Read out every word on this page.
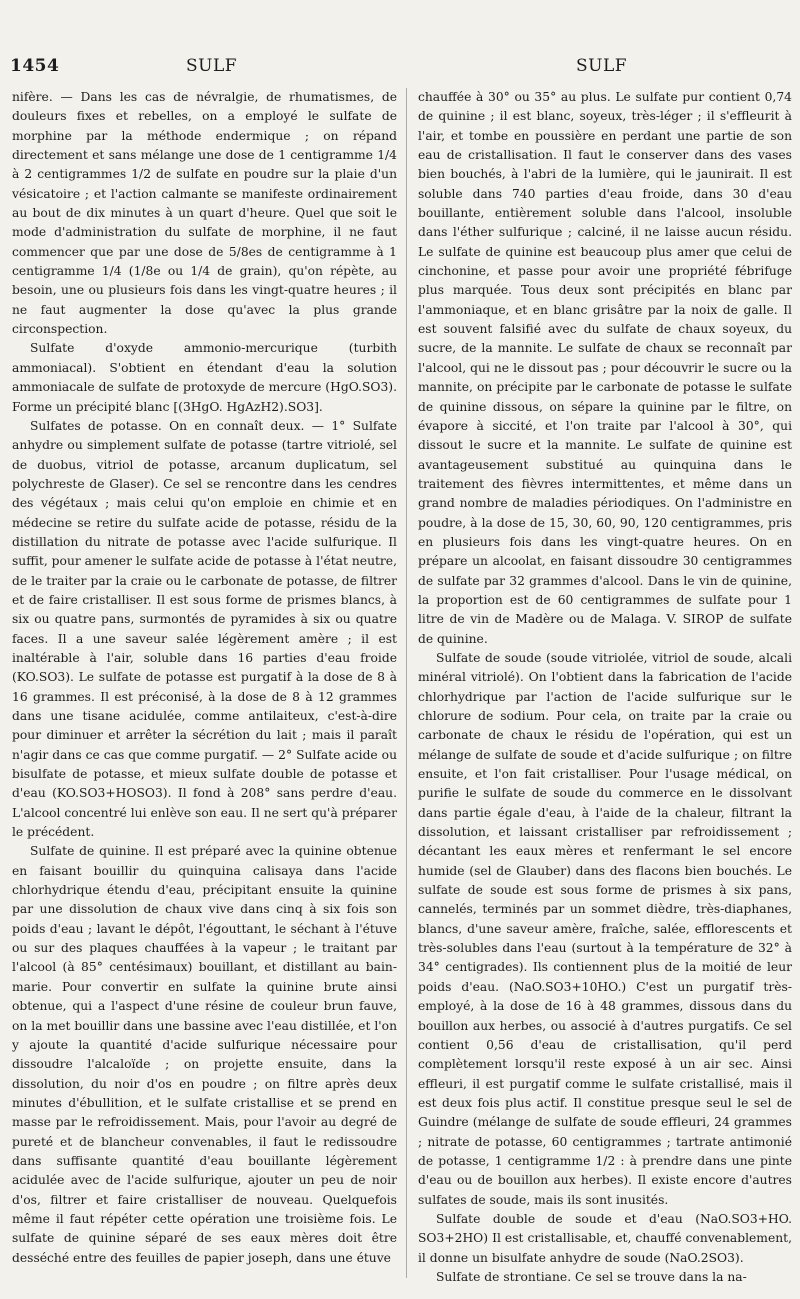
1454	SULF	SULF

nifère. — Dans les cas de névralgie, de rhumatismes, de douleurs fixes et rebelles, on a employé le sulfate de morphine par la méthode endermique ; on répand directement et sans mélange une dose de 1 centigramme 1/4 à 2 centigrammes 1/2 de sulfate en poudre sur la plaie d'un vésicatoire ; et l'action calmante se manifeste ordinairement au bout de dix minutes à un quart d'heure. Quel que soit le mode d'administration du sulfate de morphine, il ne faut commencer que par une dose de 5/8es de centigramme à 1 centigramme 1/4 (1/8e ou 1/4 de grain), qu'on répète, au besoin, une ou plusieurs fois dans les vingt-quatre heures ; il ne faut augmenter la dose qu'avec la plus grande circonspection.

Sulfate d'oxyde ammonio-mercurique (turbith ammoniacal). S'obtient en étendant d'eau la solution ammoniacale de sulfate de protoxyde de mercure (HgO.SO3). Forme un précipité blanc [(3HgO. HgAzH2).SO3].

Sulfates de potasse. On en connaît deux. — 1° Sulfate anhydre ou simplement sulfate de potasse (tartre vitriolé, sel de duobus, vitriol de potasse, arcanum duplicatum, sel polychreste de Glaser). Ce sel se rencontre dans les cendres des végétaux ; mais celui qu'on emploie en chimie et en médecine se retire du sulfate acide de potasse, résidu de la distillation du nitrate de potasse avec l'acide sulfurique. Il suffit, pour amener le sulfate acide de potasse à l'état neutre, de le traiter par la craie ou le carbonate de potasse, de filtrer et de faire cristalliser. Il est sous forme de prismes blancs, à six ou quatre pans, surmontés de pyramides à six ou quatre faces. Il a une saveur salée légèrement amère ; il est inaltérable à l'air, soluble dans 16 parties d'eau froide (KO.SO3). Le sulfate de potasse est purgatif à la dose de 8 à 16 grammes. Il est préconisé, à la dose de 8 à 12 grammes dans une tisane acidulée, comme antilaiteux, c'est-à-dire pour diminuer et arrêter la sécrétion du lait ; mais il paraît n'agir dans ce cas que comme purgatif. — 2° Sulfate acide ou bisulfate de potasse, et mieux sulfate double de potasse et d'eau (KO.SO3+HOSO3). Il fond à 208° sans perdre d'eau. L'alcool concentré lui enlève son eau. Il ne sert qu'à préparer le précédent.

Sulfate de quinine. Il est préparé avec la quinine obtenue en faisant bouillir du quinquina calisaya dans l'acide chlorhydrique étendu d'eau, précipitant ensuite la quinine par une dissolution de chaux vive dans cinq à six fois son poids d'eau ; lavant le dépôt, l'égouttant, le séchant à l'étuve ou sur des plaques chauffées à la vapeur ; le traitant par l'alcool (à 85° centésimaux) bouillant, et distillant au bain-marie. Pour convertir en sulfate la quinine brute ainsi obtenue, qui a l'aspect d'une résine de couleur brun fauve, on la met bouillir dans une bassine avec l'eau distillée, et l'on y ajoute la quantité d'acide sulfurique nécessaire pour dissoudre l'alcaloïde ; on projette ensuite, dans la dissolution, du noir d'os en poudre ; on filtre après deux minutes d'ébullition, et le sulfate cristallise et se prend en masse par le refroidissement. Mais, pour l'avoir au degré de pureté et de blancheur convenables, il faut le redissoudre dans suffisante quantité d'eau bouillante légèrement acidulée avec de l'acide sulfurique, ajouter un peu de noir d'os, filtrer et faire cristalliser de nouveau. Quelquefois même il faut répéter cette opération une troisième fois. Le sulfate de quinine séparé de ses eaux mères doit être desséché entre des feuilles de papier joseph, dans une étuve

chauffée à 30° ou 35° au plus. Le sulfate pur contient 0,74 de quinine ; il est blanc, soyeux, très-léger ; il s'effleurit à l'air, et tombe en poussière en perdant une partie de son eau de cristallisation. Il faut le conserver dans des vases bien bouchés, à l'abri de la lumière, qui le jaunirait. Il est soluble dans 740 parties d'eau froide, dans 30 d'eau bouillante, entièrement soluble dans l'alcool, insoluble dans l'éther sulfurique ; calciné, il ne laisse aucun résidu. Le sulfate de quinine est beaucoup plus amer que celui de cinchonine, et passe pour avoir une propriété fébrifuge plus marquée. Tous deux sont précipités en blanc par l'ammoniaque, et en blanc grisâtre par la noix de galle. Il est souvent falsifié avec du sulfate de chaux soyeux, du sucre, de la mannite. Le sulfate de chaux se reconnaît par l'alcool, qui ne le dissout pas ; pour découvrir le sucre ou la mannite, on précipite par le carbonate de potasse le sulfate de quinine dissous, on sépare la quinine par le filtre, on évapore à siccité, et l'on traite par l'alcool à 30°, qui dissout le sucre et la mannite. Le sulfate de quinine est avantageusement substitué au quinquina dans le traitement des fièvres intermittentes, et même dans un grand nombre de maladies périodiques. On l'administre en poudre, à la dose de 15, 30, 60, 90, 120 centigrammes, pris en plusieurs fois dans les vingt-quatre heures. On en prépare un alcoolat, en faisant dissoudre 30 centigrammes de sulfate par 32 grammes d'alcool. Dans le vin de quinine, la proportion est de 60 centigrammes de sulfate pour 1 litre de vin de Madère ou de Malaga. V. SIROP de sulfate de quinine.

Sulfate de soude (soude vitriolée, vitriol de soude, alcali minéral vitriolé). On l'obtient dans la fabrication de l'acide chlorhydrique par l'action de l'acide sulfurique sur le chlorure de sodium. Pour cela, on traite par la craie ou carbonate de chaux le résidu de l'opération, qui est un mélange de sulfate de soude et d'acide sulfurique ; on filtre ensuite, et l'on fait cristalliser. Pour l'usage médical, on purifie le sulfate de soude du commerce en le dissolvant dans partie égale d'eau, à l'aide de la chaleur, filtrant la dissolution, et laissant cristalliser par refroidissement ; décantant les eaux mères et renfermant le sel encore humide (sel de Glauber) dans des flacons bien bouchés. Le sulfate de soude est sous forme de prismes à six pans, cannelés, terminés par un sommet dièdre, très-diaphanes, blancs, d'une saveur amère, fraîche, salée, efflorescents et très-solubles dans l'eau (surtout à la température de 32° à 34° centigrades). Ils contiennent plus de la moitié de leur poids d'eau. (NaO.SO3+10HO.) C'est un purgatif très-employé, à la dose de 16 à 48 grammes, dissous dans du bouillon aux herbes, ou associé à d'autres purgatifs. Ce sel contient 0,56 d'eau de cristallisation, qu'il perd complètement lorsqu'il reste exposé à un air sec. Ainsi effleuri, il est purgatif comme le sulfate cristallisé, mais il est deux fois plus actif. Il constitue presque seul le sel de Guindre (mélange de sulfate de soude effleuri, 24 grammes ; nitrate de potasse, 60 centigrammes ; tartrate antimonié de potasse, 1 centigramme 1/2 : à prendre dans une pinte d'eau ou de bouillon aux herbes). Il existe encore d'autres sulfates de soude, mais ils sont inusités.

Sulfate double de soude et d'eau (NaO.SO3+HO. SO3+2HO) Il est cristallisable, et, chauffé convenablement, il donne un bisulfate anhydre de soude (NaO.2SO3).

Sulfate de strontiane. Ce sel se trouve dans la na-
